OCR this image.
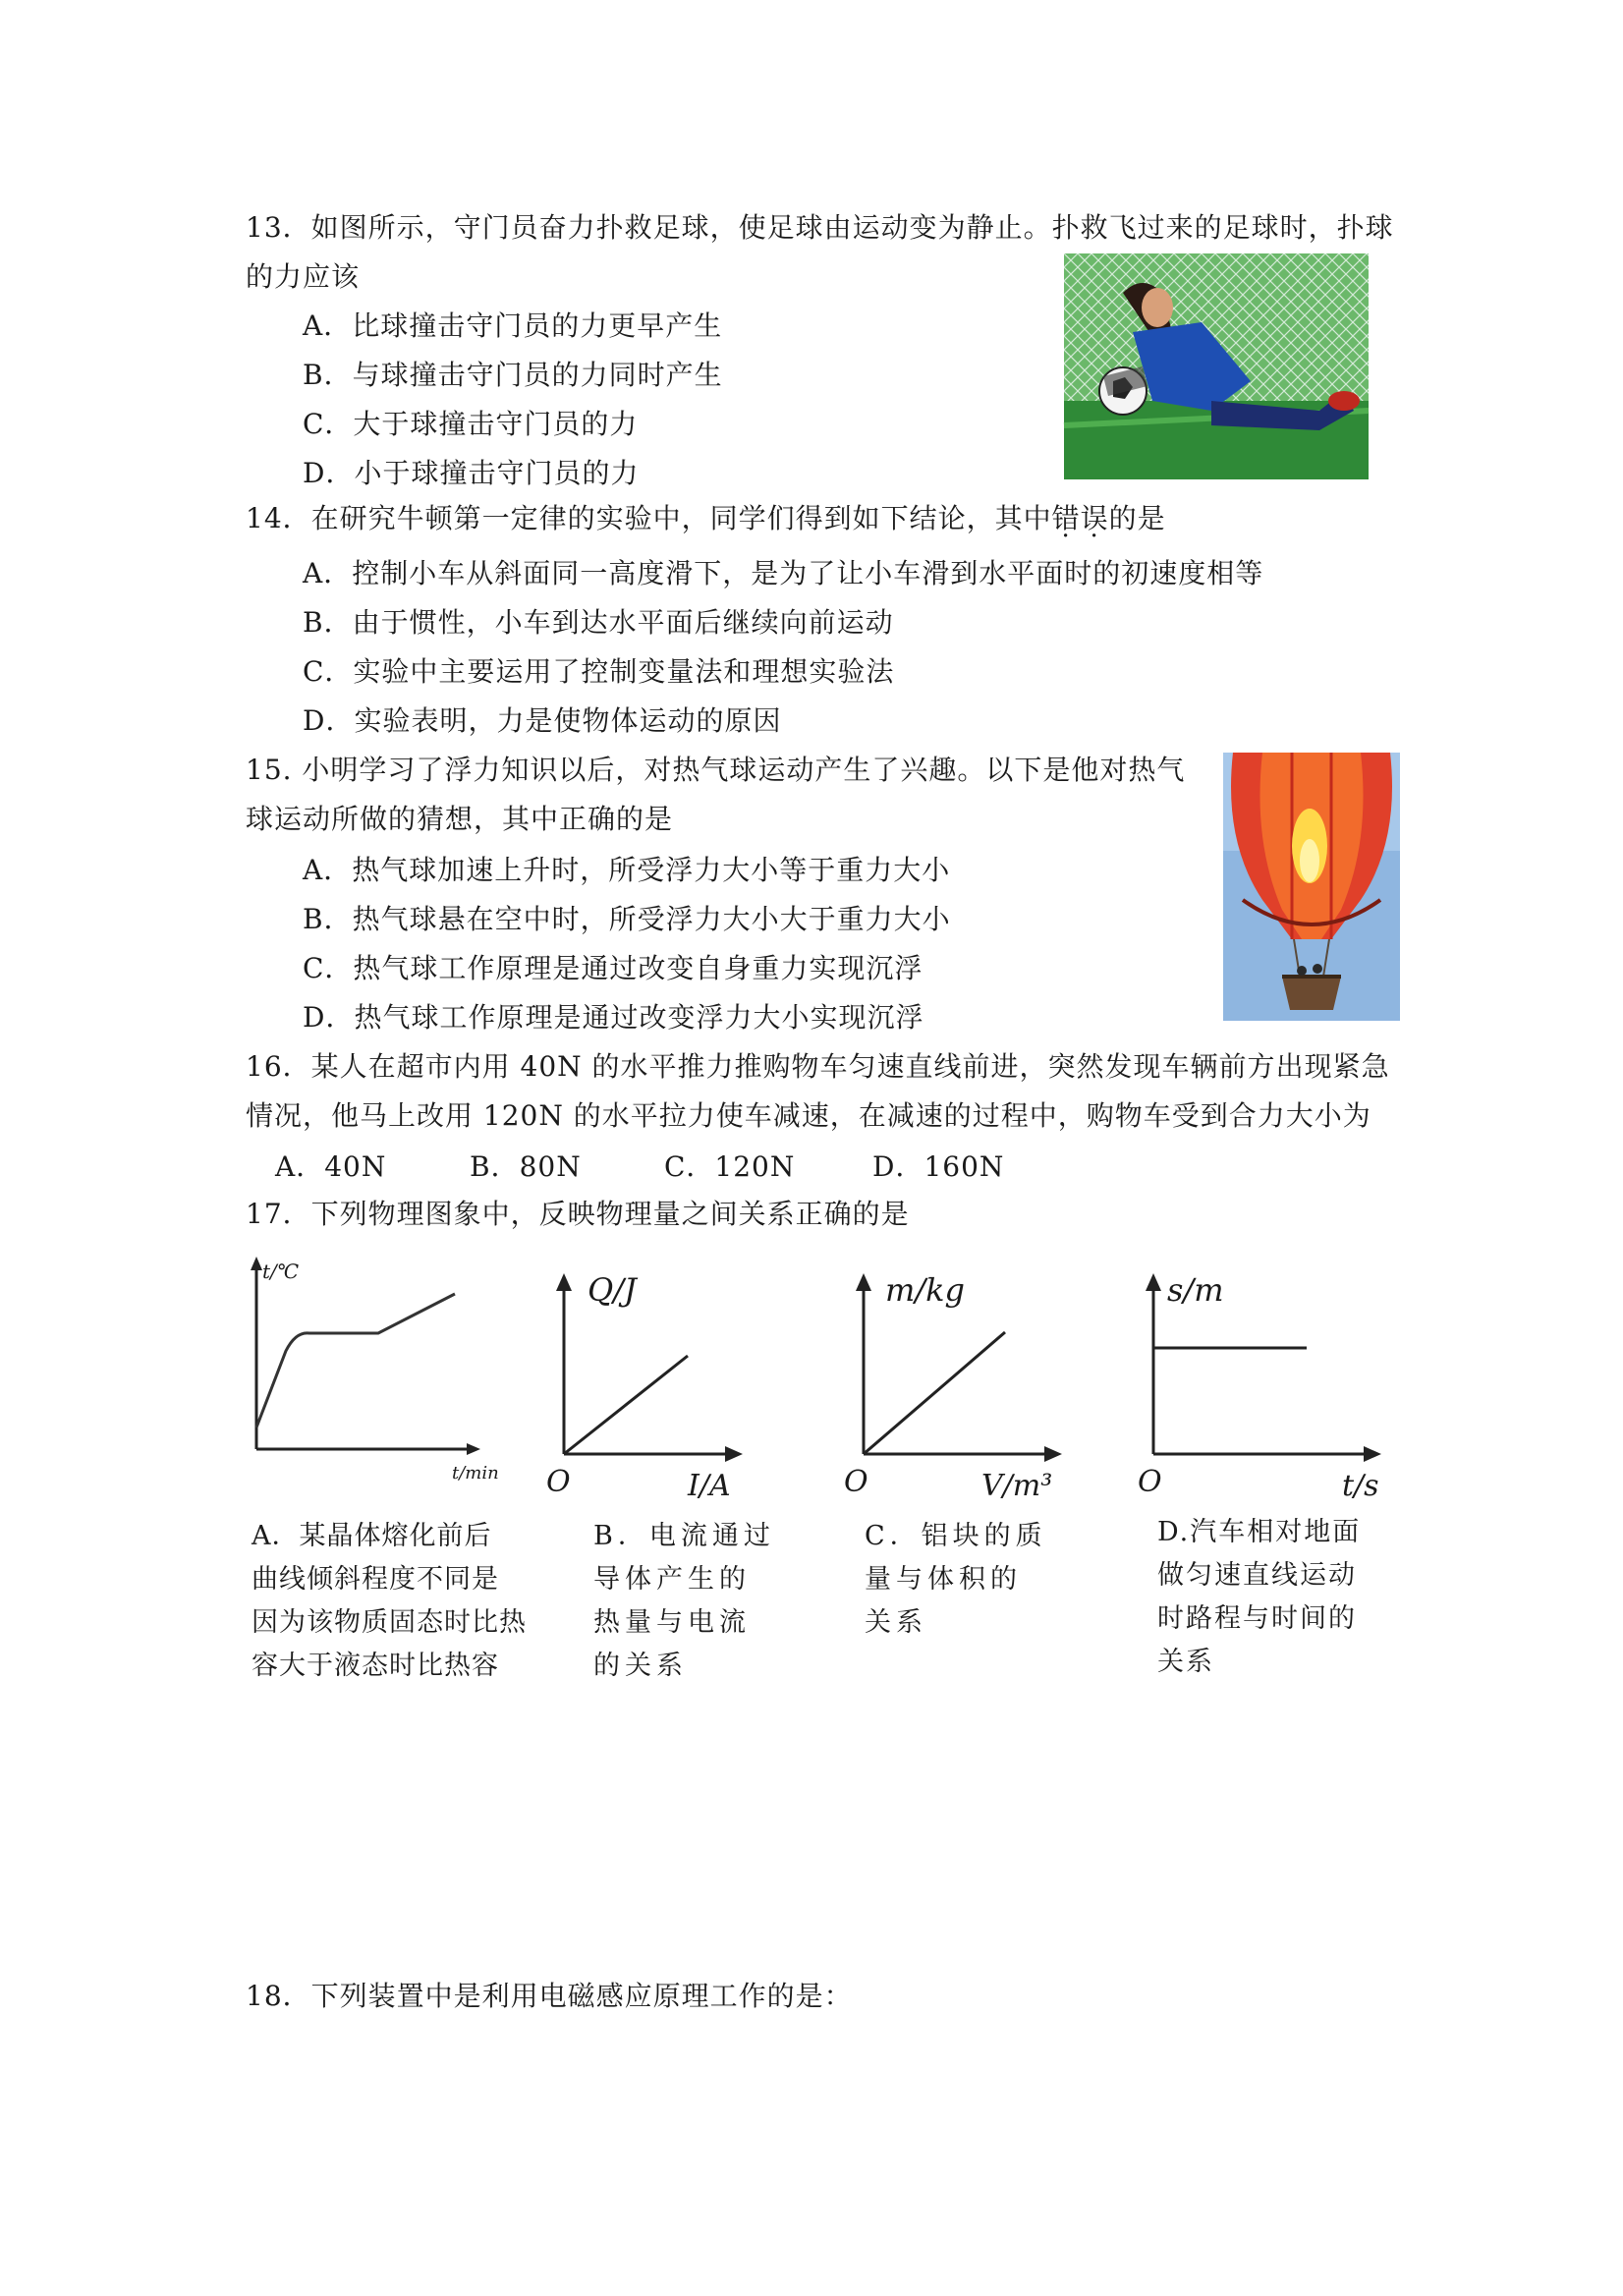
13．如图所示，守门员奋力扑救足球，使足球由运动变为静止。扑救飞过来的足球时，扑球
的力应该
A．比球撞击守门员的力更早产生
B．与球撞击守门员的力同时产生
C．大于球撞击守门员的力
D．小于球撞击守门员的力
14．在研究牛顿第一定律的实验中，同学们得到如下结论，其中错误的是
A．控制小车从斜面同一高度滑下，是为了让小车滑到水平面时的初速度相等
B．由于惯性，小车到达水平面后继续向前运动
C．实验中主要运用了控制变量法和理想实验法
D．实验表明，力是使物体运动的原因
15. 小明学习了浮力知识以后，对热气球运动产生了兴趣。以下是他对热气
球运动所做的猜想，其中正确的是
A．热气球加速上升时，所受浮力大小等于重力大小
B．热气球悬在空中时，所受浮力大小大于重力大小
C．热气球工作原理是通过改变自身重力实现沉浮
D．热气球工作原理是通过改变浮力大小实现沉浮
16．某人在超市内用 40N 的水平推力推购物车匀速直线前进，突然发现车辆前方出现紧急
情况，他马上改用 120N 的水平拉力使车减速，在减速的过程中，购物车受到合力大小为
A．40N	B．80N	C．120N	D．160N
17．下列物理图象中，反映物理量之间关系正确的是
t/℃
t/min
Q/J
O	I/A
m/kg
O	V/m³
s/m
O	t/s
A．某晶体熔化前后
曲线倾斜程度不同是
因为该物质固态时比热
容大于液态时比热容
B．电流通过
导体产生的
热量与电流
的关系
C．铝块的质
量与体积的
关系
D.汽车相对地面
做匀速直线运动
时路程与时间的
关系
18．下列装置中是利用电磁感应原理工作的是：
